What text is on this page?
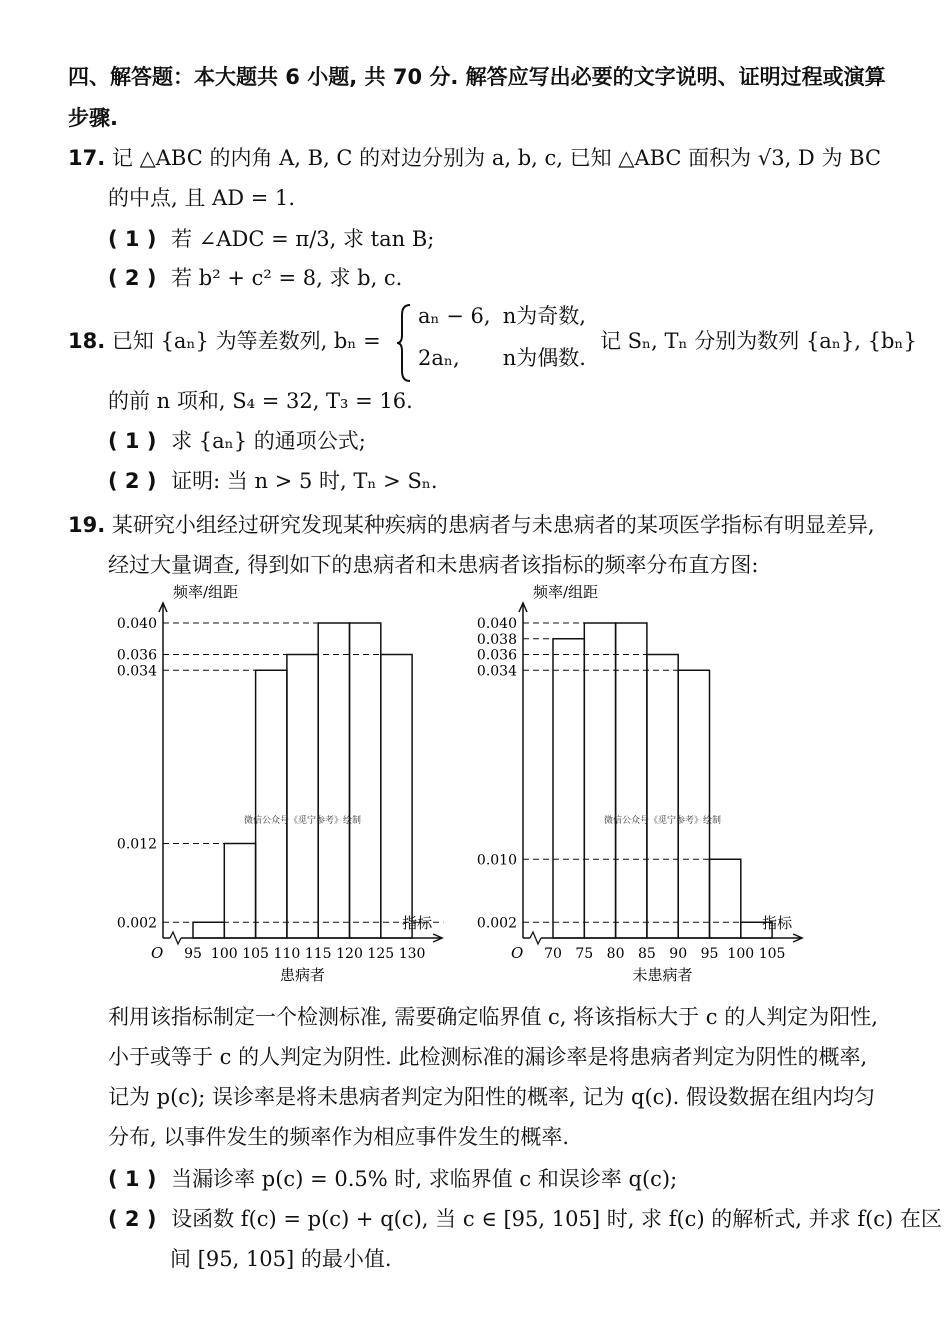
四、解答题：本大题共 6 小题, 共 70 分. 解答应写出必要的文字说明、证明过程或演算
步骤.
17. 记 △ABC 的内角 A, B, C 的对边分别为 a, b, c, 已知 △ABC 面积为 √3, D 为 BC
的中点, 且 AD = 1.
( 1 ) 若 ∠ADC = π/3, 求 tan B;
( 2 ) 若 b² + c² = 8, 求 b, c.
18. 已知 {aₙ} 为等差数列, bₙ =
aₙ − 6, n为奇数,
2aₙ, n为偶数.
记 Sₙ, Tₙ 分别为数列 {aₙ}, {bₙ}
的前 n 项和, S₄ = 32, T₃ = 16.
( 1 ) 求 {aₙ} 的通项公式;
( 2 ) 证明: 当 n > 5 时, Tₙ > Sₙ.
19. 某研究小组经过研究发现某种疾病的患病者与未患病者的某项医学指标有明显差异,
经过大量调查, 得到如下的患病者和未患病者该指标的频率分布直方图:
频率/组距
指标
O
0.040
0.036
0.034
0.012
0.002
95 100 105 110 115 120 125 130
患病者
微信公众号《觅宁参考》绘制
频率/组距
指标
O
0.040
0.038
0.036
0.034
0.010
0.002
70 75 80 85 90 95 100 105
未患病者
微信公众号《觅宁参考》绘制
利用该指标制定一个检测标准, 需要确定临界值 c, 将该指标大于 c 的人判定为阳性,
小于或等于 c 的人判定为阴性. 此检测标准的漏诊率是将患病者判定为阴性的概率,
记为 p(c); 误诊率是将未患病者判定为阳性的概率, 记为 q(c). 假设数据在组内均匀
分布, 以事件发生的频率作为相应事件发生的概率.
( 1 ) 当漏诊率 p(c) = 0.5% 时, 求临界值 c 和误诊率 q(c);
( 2 ) 设函数 f(c) = p(c) + q(c), 当 c ∈ [95, 105] 时, 求 f(c) 的解析式, 并求 f(c) 在区
间 [95, 105] 的最小值.
